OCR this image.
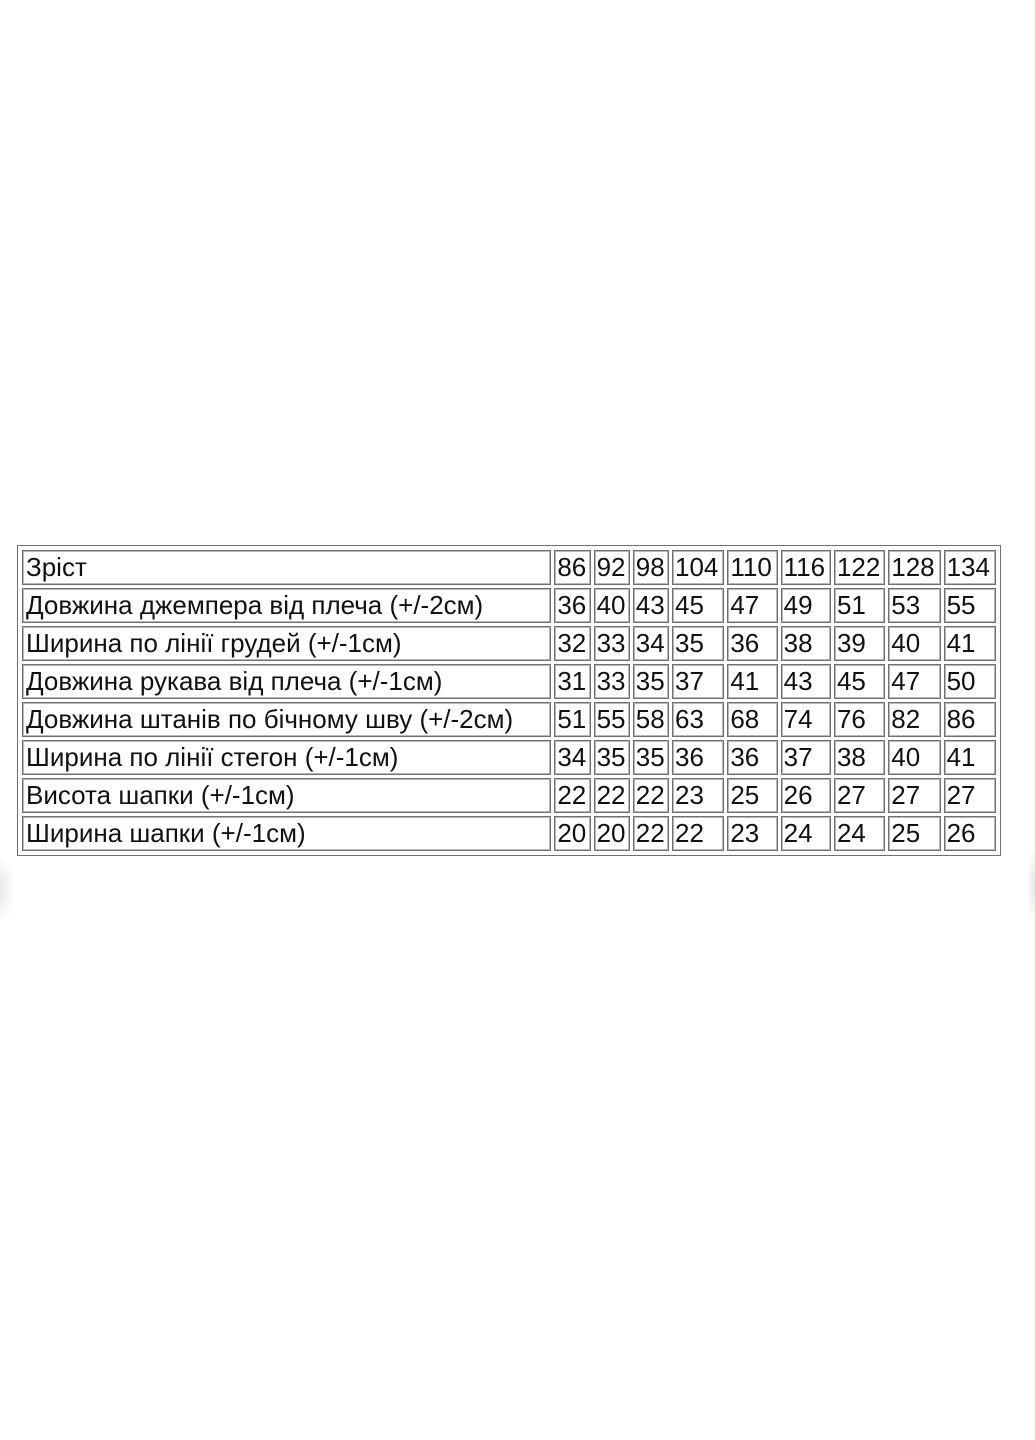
Зріст	86	92	98	104	110	116	122	128	134
Довжина джемпера від плеча (+/-2см)	36	40	43	45	47	49	51	53	55
Ширина по лінії грудей (+/-1см)	32	33	34	35	36	38	39	40	41
Довжина рукава від плеча (+/-1см)	31	33	35	37	41	43	45	47	50
Довжина штанів по бічному шву (+/-2см)	51	55	58	63	68	74	76	82	86
Ширина по лінії стегон (+/-1см)	34	35	35	36	36	37	38	40	41
Висота шапки (+/-1см)	22	22	22	23	25	26	27	27	27
Ширина шапки (+/-1см)	20	20	22	22	23	24	24	25	26
